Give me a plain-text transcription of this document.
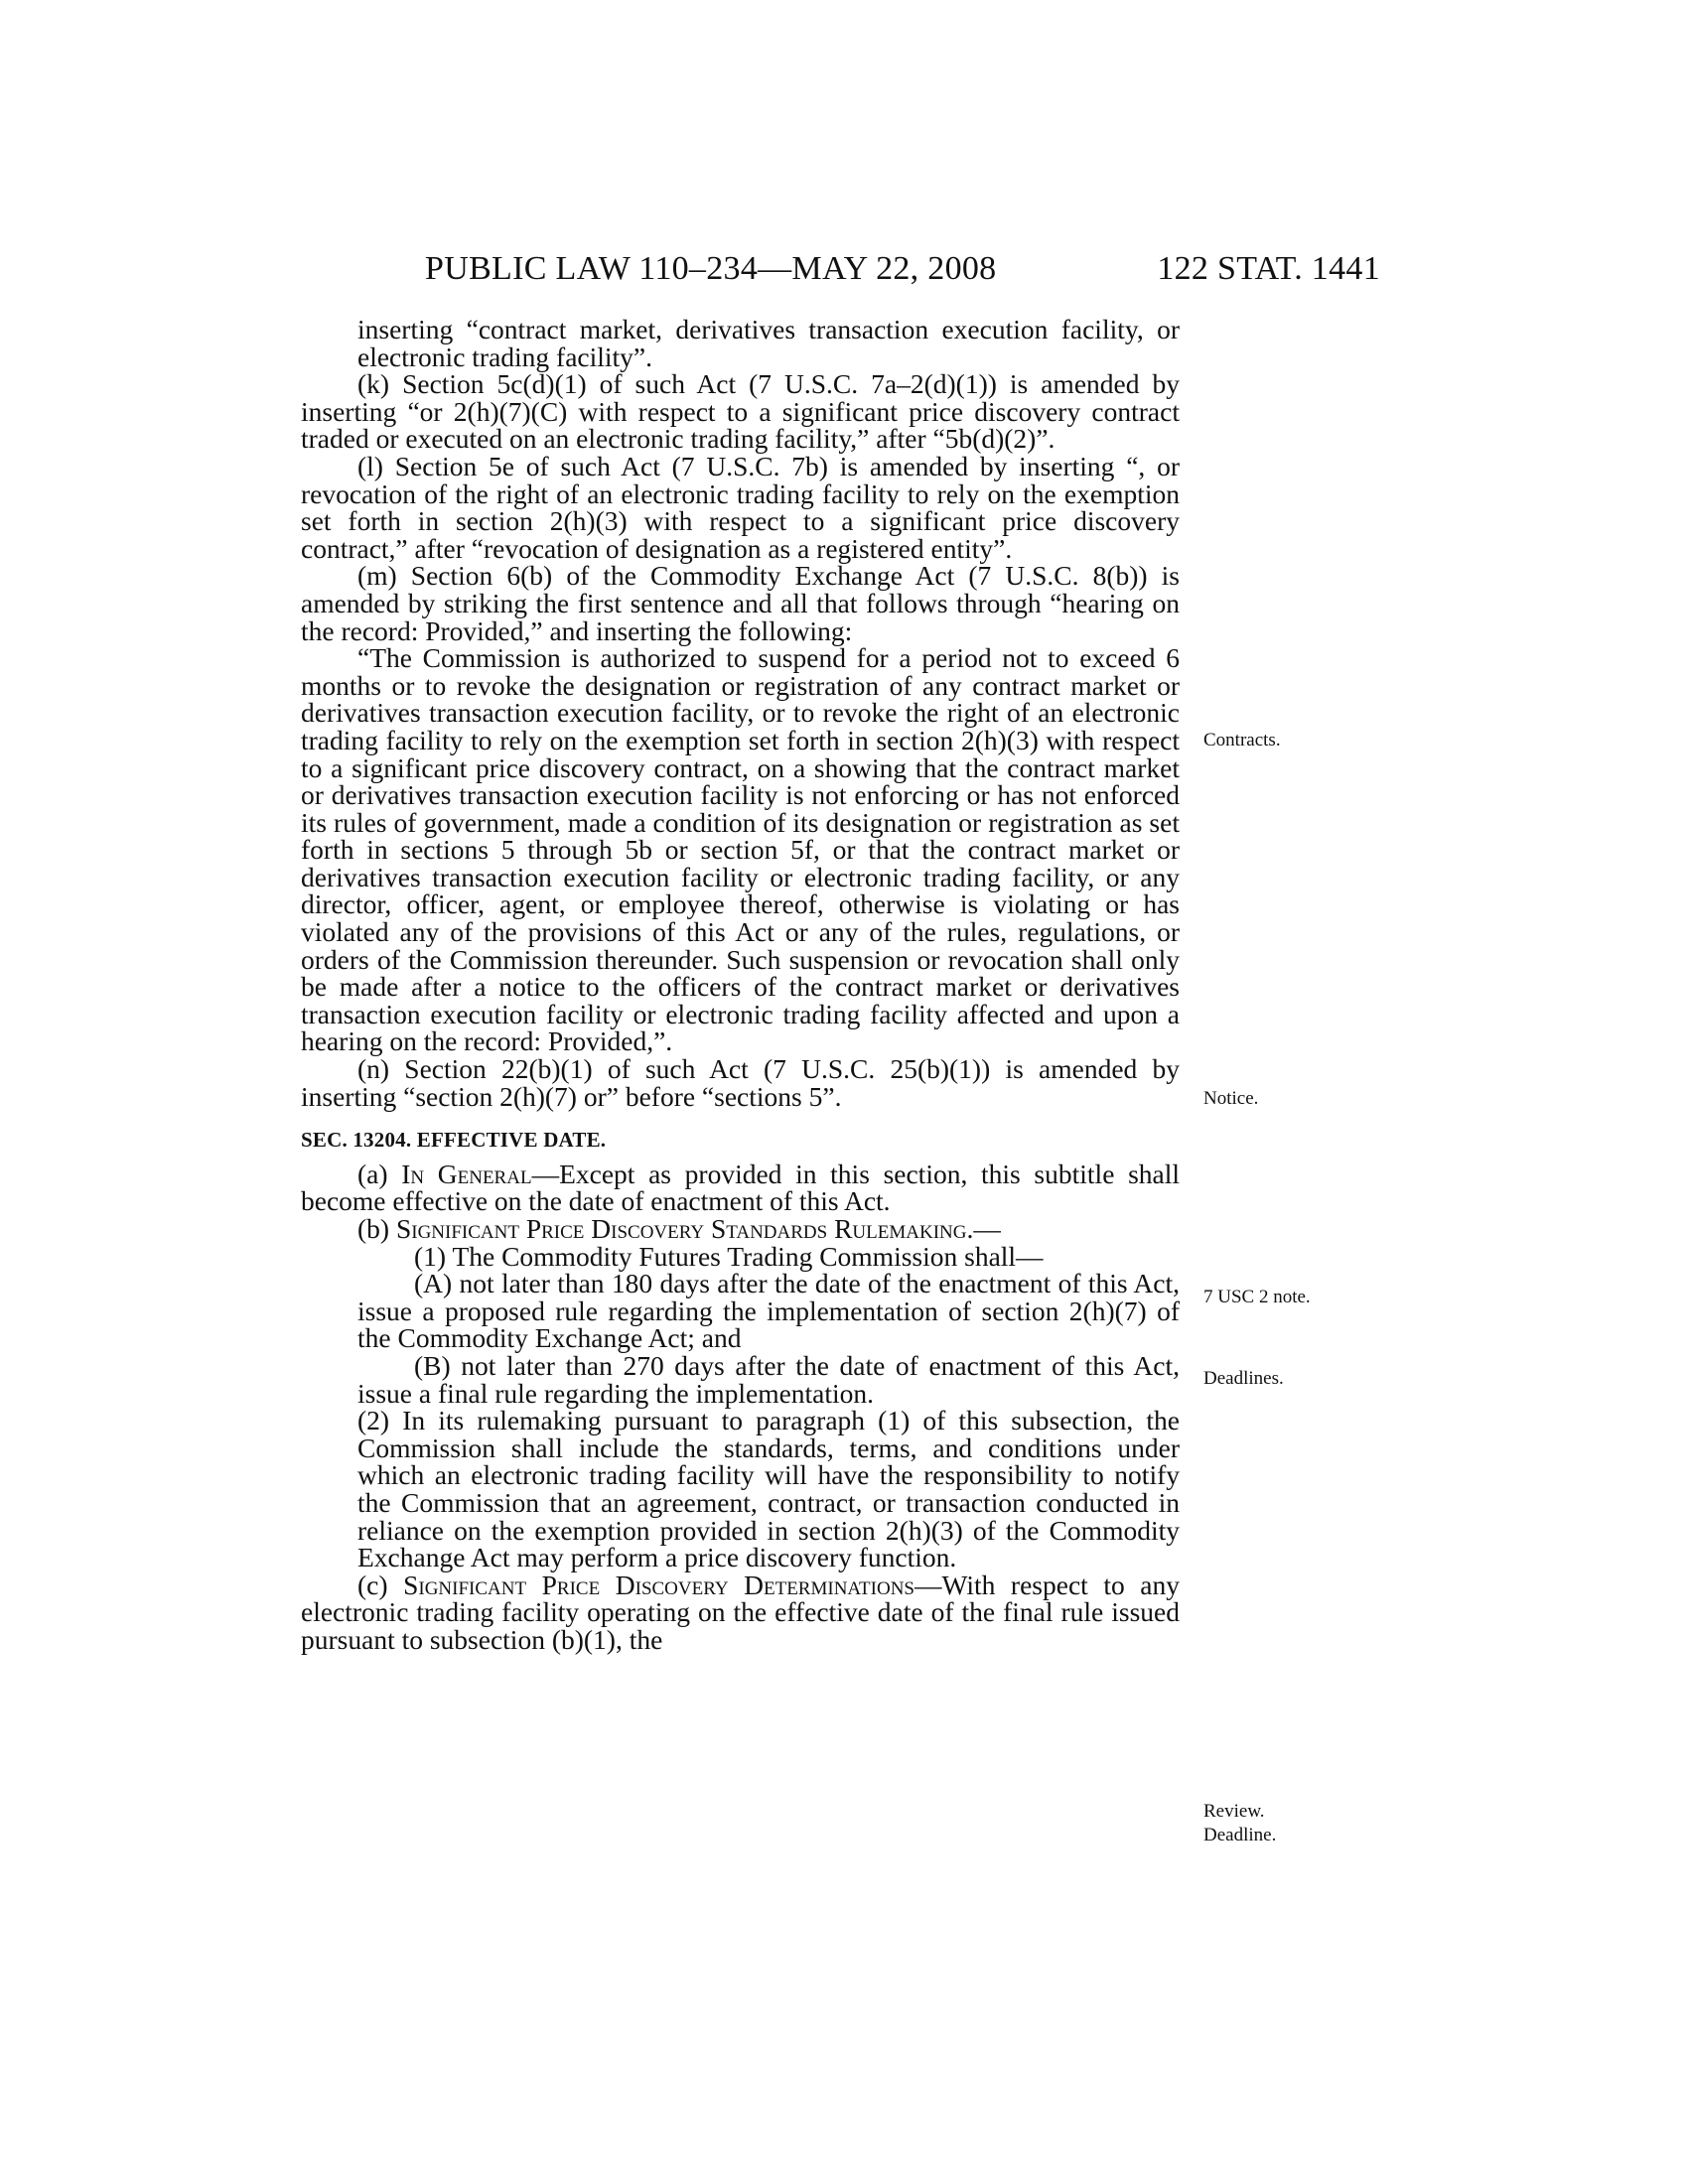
PUBLIC LAW 110–234—MAY 22, 2008	122 STAT. 1441

inserting “contract market, derivatives transaction execution facility, or electronic trading facility”.

(k) Section 5c(d)(1) of such Act (7 U.S.C. 7a–2(d)(1)) is amended by inserting “or 2(h)(7)(C) with respect to a significant price discovery contract traded or executed on an electronic trading facility,” after “5b(d)(2)”.

(l) Section 5e of such Act (7 U.S.C. 7b) is amended by inserting “, or revocation of the right of an electronic trading facility to rely on the exemption set forth in section 2(h)(3) with respect to a significant price discovery contract,” after “revocation of designation as a registered entity”.

(m) Section 6(b) of the Commodity Exchange Act (7 U.S.C. 8(b)) is amended by striking the first sentence and all that follows through “hearing on the record: Provided,” and inserting the following:

“The Commission is authorized to suspend for a period not to exceed 6 months or to revoke the designation or registration of any contract market or derivatives transaction execution facility, or to revoke the right of an electronic trading facility to rely on the exemption set forth in section 2(h)(3) with respect to a significant price discovery contract, on a showing that the contract market or derivatives transaction execution facility is not enforcing or has not enforced its rules of government, made a condition of its designation or registration as set forth in sections 5 through 5b or section 5f, or that the contract market or derivatives transaction execution facility or electronic trading facility, or any director, officer, agent, or employee thereof, otherwise is violating or has violated any of the provisions of this Act or any of the rules, regulations, or orders of the Commission thereunder. Such suspension or revocation shall only be made after a notice to the officers of the contract market or derivatives transaction execution facility or electronic trading facility affected and upon a hearing on the record: Provided,”.

(n) Section 22(b)(1) of such Act (7 U.S.C. 25(b)(1)) is amended by inserting “section 2(h)(7) or” before “sections 5”.

SEC. 13204. EFFECTIVE DATE.

(a) In General—Except as provided in this section, this subtitle shall become effective on the date of enactment of this Act.

(b) Significant Price Discovery Standards Rulemaking.—

(1) The Commodity Futures Trading Commission shall—

(A) not later than 180 days after the date of the enactment of this Act, issue a proposed rule regarding the implementation of section 2(h)(7) of the Commodity Exchange Act; and

(B) not later than 270 days after the date of enactment of this Act, issue a final rule regarding the implementation.

(2) In its rulemaking pursuant to paragraph (1) of this subsection, the Commission shall include the standards, terms, and conditions under which an electronic trading facility will have the responsibility to notify the Commission that an agreement, contract, or transaction conducted in reliance on the exemption provided in section 2(h)(3) of the Commodity Exchange Act may perform a price discovery function.

(c) Significant Price Discovery Determinations—With respect to any electronic trading facility operating on the effective date of the final rule issued pursuant to subsection (b)(1), the

Contracts.
Notice.
7 USC 2 note.
Deadlines.
Review.
Deadline.
